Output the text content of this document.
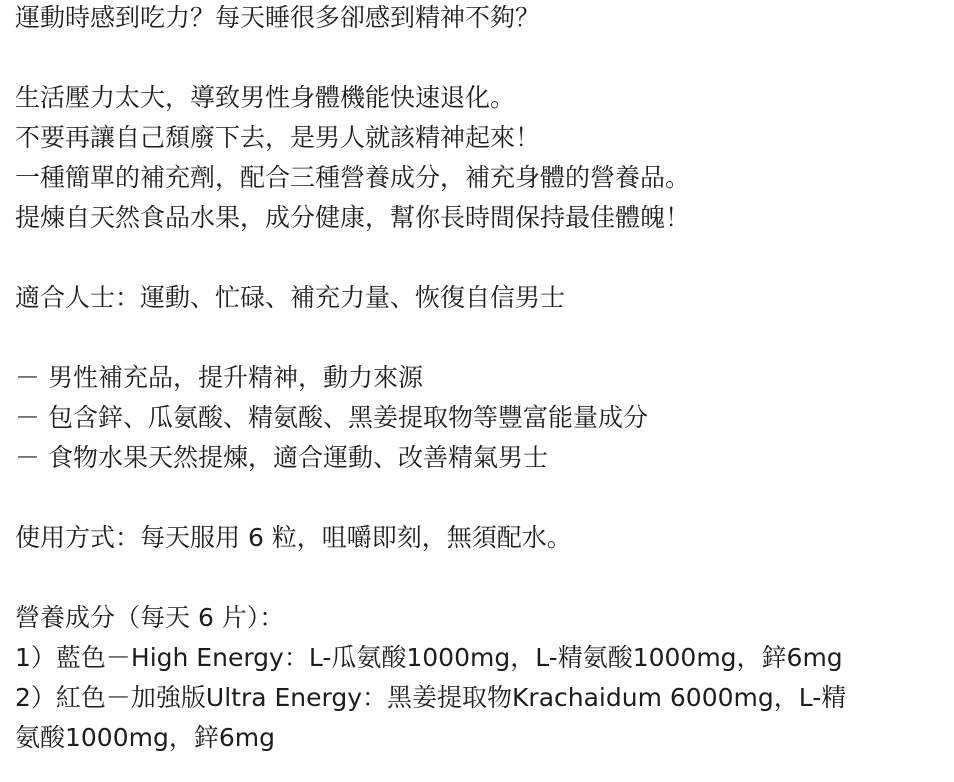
運動時感到吃力？每天睡很多卻感到精神不夠？
生活壓力太大，導致男性身體機能快速退化。
不要再讓自己頹廢下去，是男人就該精神起來！
一種簡單的補充劑，配合三種營養成分，補充身體的營養品。
提煉自天然食品水果，成分健康，幫你長時間保持最佳體魄！
適合人士：運動、忙碌、補充力量、恢復自信男士
－ 男性補充品，提升精神，動力來源
－ 包含鋅、瓜氨酸、精氨酸、黑姜提取物等豐富能量成分
－ 食物水果天然提煉，適合運動、改善精氣男士
使用方式：每天服用 6 粒，咀嚼即刻，無須配水。
營養成分（每天 6 片）：
1）藍色－High Energy：L-瓜氨酸1000mg，L-精氨酸1000mg，鋅6mg
2）紅色－加強版Ultra Energy：黑姜提取物Krachaidum 6000mg，L-精
氨酸1000mg，鋅6mg
